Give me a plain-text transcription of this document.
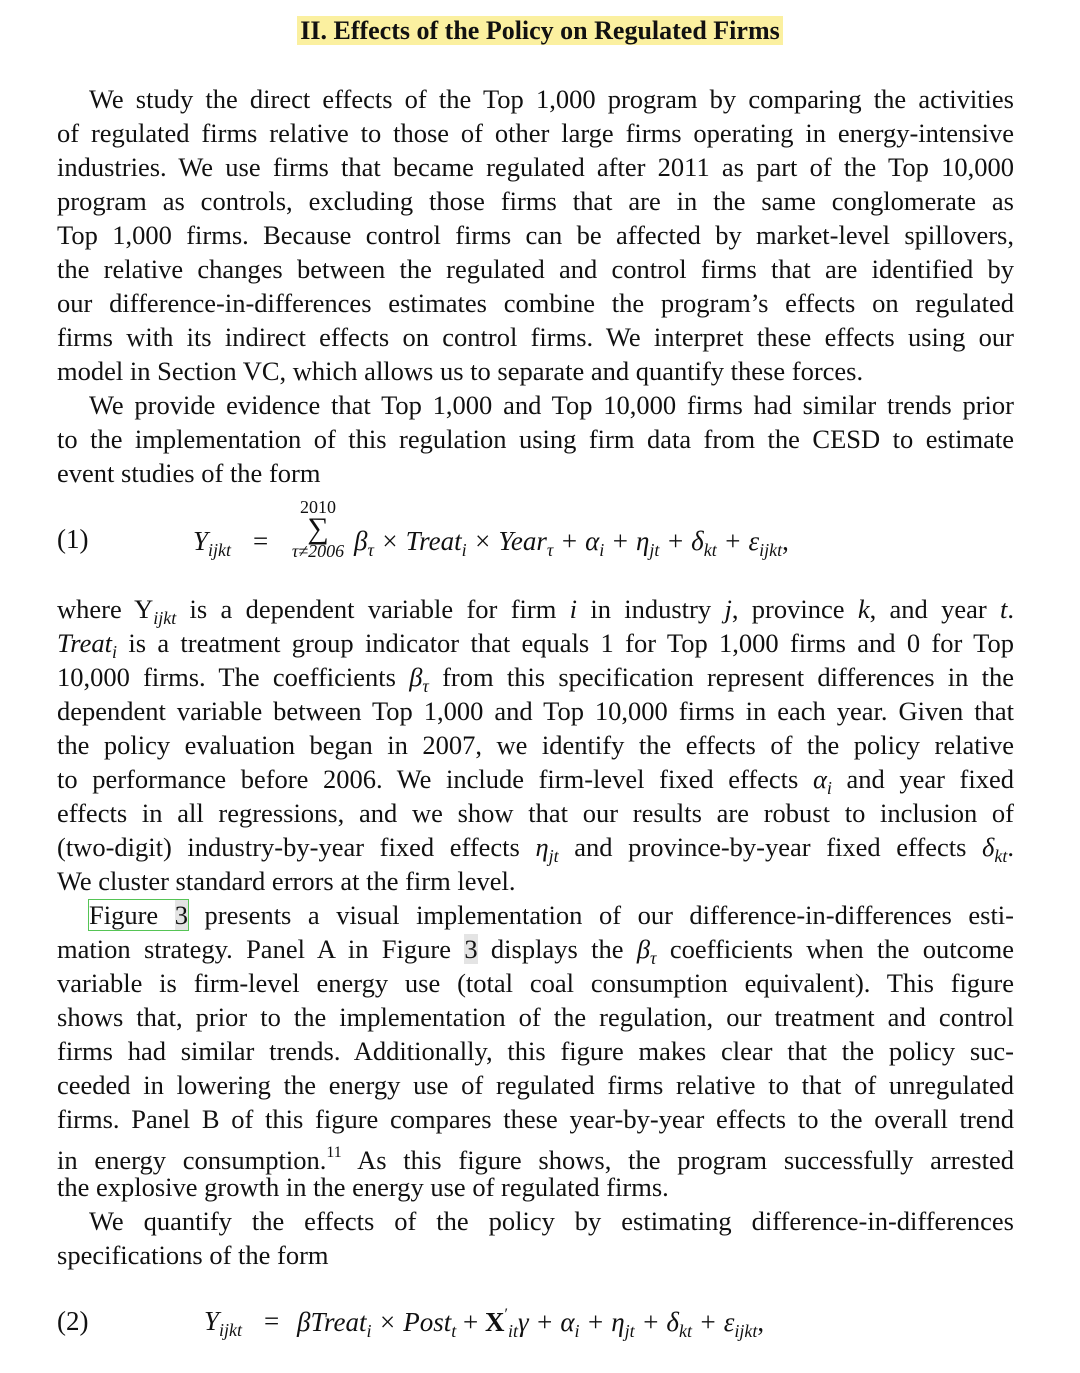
II. Effects of the Policy on Regulated Firms
We study the direct effects of the Top 1,000 program by comparing the activities
of regulated firms relative to those of other large firms operating in energy-intensive
industries. We use firms that became regulated after 2011 as part of the Top 10,000
program as controls, excluding those firms that are in the same conglomerate as
Top 1,000 firms. Because control firms can be affected by market-level spillovers,
the relative changes between the regulated and control firms that are identified by
our difference-in-differences estimates combine the program’s effects on regulated
firms with its indirect effects on control firms. We interpret these effects using our
model in Section VC, which allows us to separate and quantify these forces.
We provide evidence that Top 1,000 and Top 10,000 firms had similar trends prior
to the implementation of this regulation using firm data from the CESD to estimate
event studies of the form
(1)	$Y_{ijkt}$ =
2010
∑
τ≠2006 $\beta_\tau$ × Treat$_i$ × Year$_\tau$ + $\alpha_i + \eta_{jt} + \delta_{kt} + \varepsilon_{ijkt}$,
where $Y_{ijkt}$ is a dependent variable for firm i in industry j, province k, and year t.
Treat$_i$ is a treatment group indicator that equals 1 for Top 1,000 firms and 0 for Top
10,000 firms. The coefficients $\beta_\tau$ from this specification represent differences in the
dependent variable between Top 1,000 and Top 10,000 firms in each year. Given that
the policy evaluation began in 2007, we identify the effects of the policy relative
to performance before 2006. We include firm-level fixed effects $\alpha_i$ and year fixed
effects in all regressions, and we show that our results are robust to inclusion of
(two-digit) industry-by-year fixed effects $\eta_{jt}$ and province-by-year fixed effects $\delta_{kt}$.
We cluster standard errors at the firm level.
Figure 3 presents a visual implementation of our difference-in-differences esti-
mation strategy. Panel A in Figure 3 displays the $\beta_\tau$ coefficients when the outcome
variable is firm-level energy use (total coal consumption equivalent). This figure
shows that, prior to the implementation of the regulation, our treatment and control
firms had similar trends. Additionally, this figure makes clear that the policy suc-
ceeded in lowering the energy use of regulated firms relative to that of unregulated
firms. Panel B of this figure compares these year-by-year effects to the overall trend
in energy consumption.$^{11}$ As this figure shows, the program successfully arrested
the explosive growth in the energy use of regulated firms.
We quantify the effects of the policy by estimating difference-in-differences
specifications of the form
(2)	$Y_{ijkt}$ = βTreat$_i$ × Post$_t$ + $X'_{it}\gamma + \alpha_i + \eta_{jt} + \delta_{kt} + \varepsilon_{ijkt}$,
